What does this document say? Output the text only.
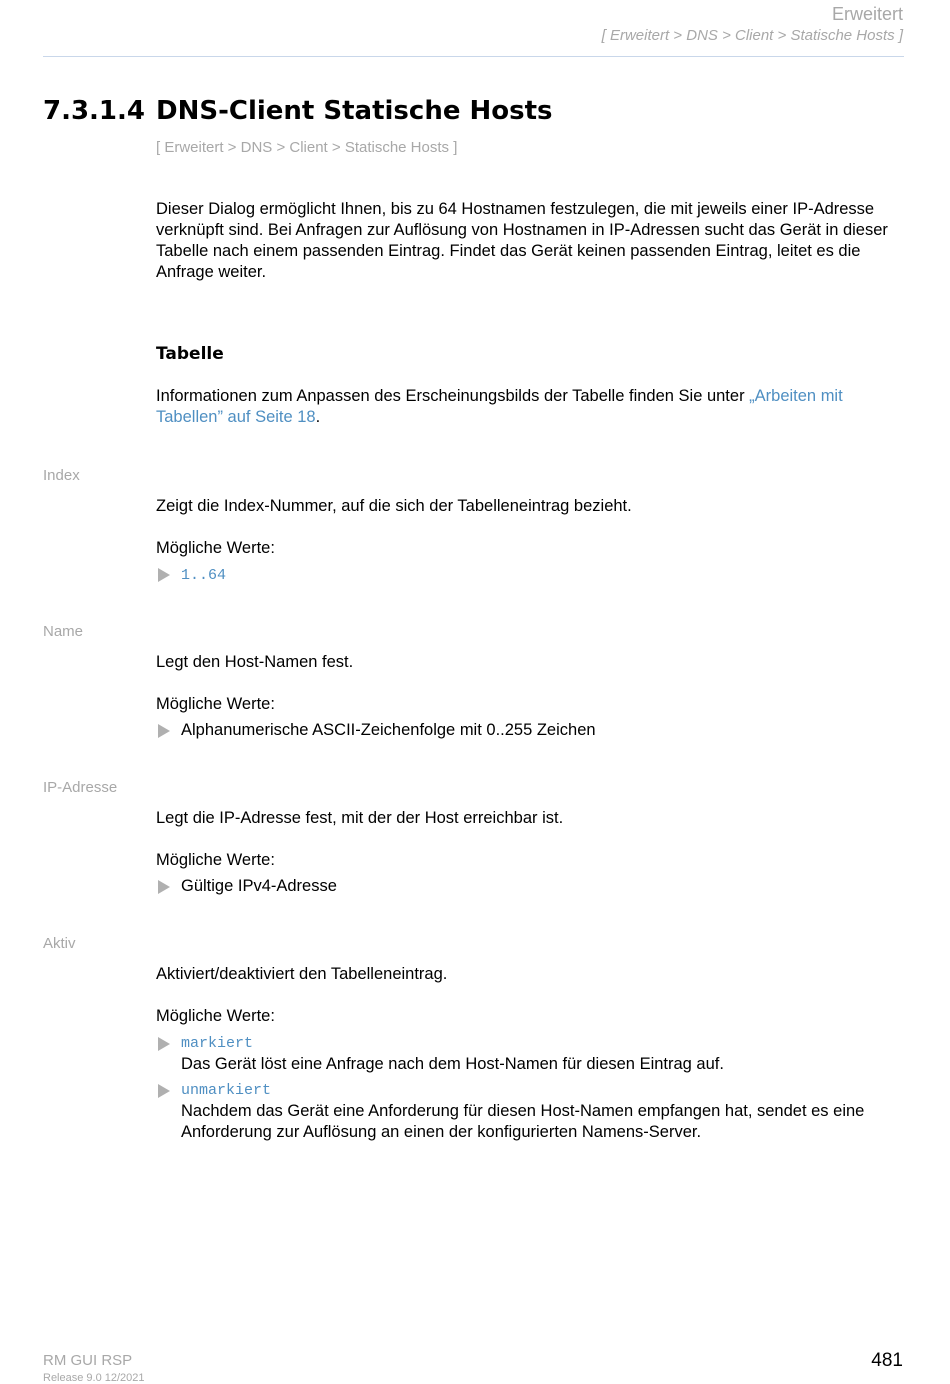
Erweitert
[ Erweitert > DNS > Client > Statische Hosts ]
7.3.1.4 DNS-Client Statische Hosts
[ Erweitert > DNS > Client > Statische Hosts ]

Dieser Dialog ermöglicht Ihnen, bis zu 64 Hostnamen festzulegen, die mit jeweils einer IP-Adresse verknüpft sind. Bei Anfragen zur Auflösung von Hostnamen in IP-Adressen sucht das Gerät in dieser Tabelle nach einem passenden Eintrag. Findet das Gerät keinen passenden Eintrag, leitet es die Anfrage weiter.

Tabelle

Informationen zum Anpassen des Erscheinungsbilds der Tabelle finden Sie unter „Arbeiten mit Tabellen” auf Seite 18.

Index
Zeigt die Index-Nummer, auf die sich der Tabelleneintrag bezieht.
Mögliche Werte:
1..64
Name
Legt den Host-Namen fest.
Mögliche Werte:
Alphanumerische ASCII-Zeichenfolge mit 0..255 Zeichen
IP-Adresse
Legt die IP-Adresse fest, mit der der Host erreichbar ist.
Mögliche Werte:
Gültige IPv4-Adresse
Aktiv
Aktiviert/deaktiviert den Tabelleneintrag.
Mögliche Werte:
markiert
Das Gerät löst eine Anfrage nach dem Host-Namen für diesen Eintrag auf.
unmarkiert
Nachdem das Gerät eine Anforderung für diesen Host-Namen empfangen hat, sendet es eine Anforderung zur Auflösung an einen der konfigurierten Namens-Server.
RM GUI RSP
Release 9.0 12/2021
481
